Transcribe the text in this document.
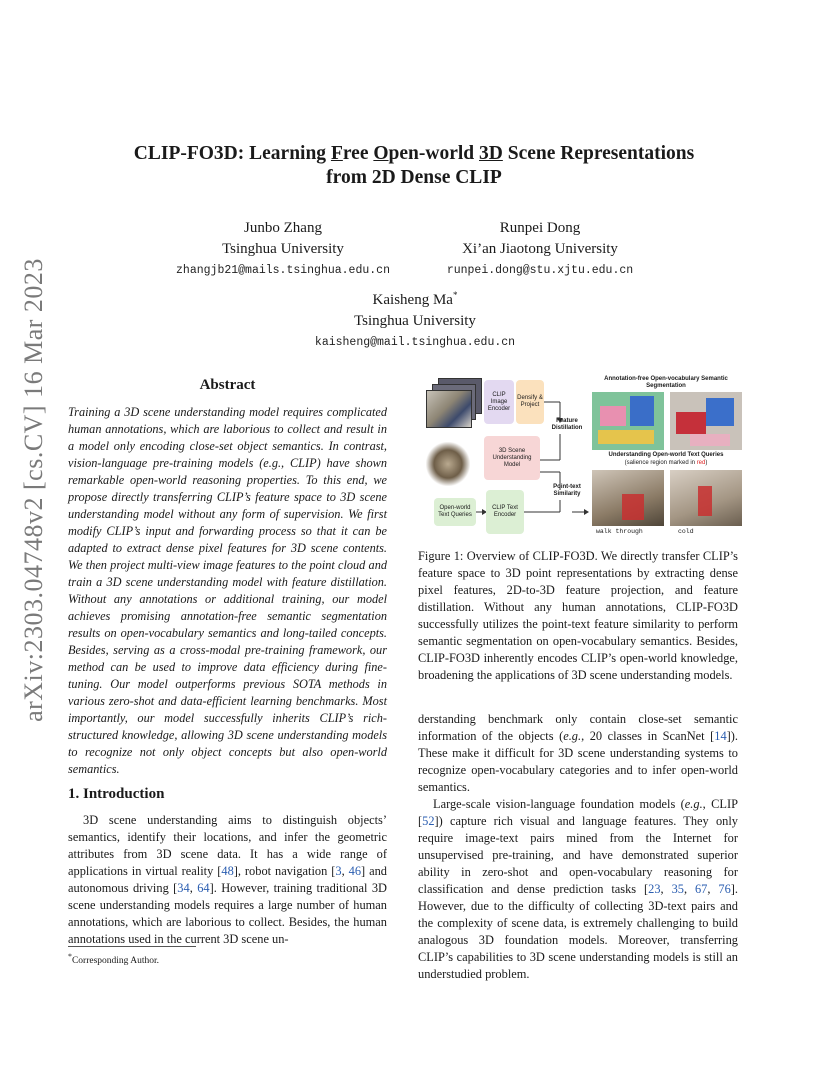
arXiv:2303.04748v2 [cs.CV] 16 Mar 2023
CLIP-FO3D: Learning Free Open-world 3D Scene Representations
from 2D Dense CLIP
Junbo Zhang
Tsinghua University
zhangjb21@mails.tsinghua.edu.cn
Runpei Dong
Xi’an Jiaotong University
runpei.dong@stu.xjtu.edu.cn
Kaisheng Ma*
Tsinghua University
kaisheng@mail.tsinghua.edu.cn
Abstract
Training a 3D scene understanding model requires complicated human annotations, which are laborious to collect and result in a model only encoding close-set object semantics. In contrast, vision-language pre-training models (e.g., CLIP) have shown remarkable open-world reasoning properties. To this end, we propose directly transferring CLIP’s feature space to 3D scene understanding model without any form of supervision. We first modify CLIP’s input and forwarding process so that it can be adapted to extract dense pixel features for 3D scene contents. We then project multi-view image features to the point cloud and train a 3D scene understanding model with feature distillation. Without any annotations or additional training, our model achieves promising annotation-free semantic segmentation results on open-vocabulary semantics and long-tailed concepts. Besides, serving as a cross-modal pre-training framework, our method can be used to improve data efficiency during fine-tuning. Our model outperforms previous SOTA methods in various zero-shot and data-efficient learning benchmarks. Most importantly, our model successfully inherits CLIP’s rich-structured knowledge, allowing 3D scene understanding models to recognize not only object concepts but also open-world semantics.
1. Introduction

3D scene understanding aims to distinguish objects’ semantics, identify their locations, and infer the geometric attributes from 3D scene data. It has a wide range of applications in virtual reality [48], robot navigation [3, 46] and autonomous driving [34, 64]. However, training traditional 3D scene understanding models requires a large number of human annotations, which are laborious to collect. Besides, the human annotations used in the current 3D scene un-

*Corresponding Author.
CLIP Image Encoder
Densify & Project
3D Scene Understanding Model
Feature Distillation
Point-text Similarity
Open-world Text Queries
CLIP Text Encoder
Annotation-free Open-vocabulary Semantic Segmentation
Understanding Open-world Text Queries
(salience region marked in red)
walk through	cold
Figure 1: Overview of CLIP-FO3D. We directly transfer CLIP’s feature space to 3D point representations by extracting dense pixel features, 2D-to-3D feature projection, and feature distillation. Without any human annotations, CLIP-FO3D successfully utilizes the point-text feature similarity to perform semantic segmentation on open-vocabulary semantics. Besides, CLIP-FO3D inherently encodes CLIP’s open-world knowledge, broadening the applications of 3D scene understanding models.

derstanding benchmark only contain close-set semantic information of the objects (e.g., 20 classes in ScanNet [14]). These make it difficult for 3D scene understanding systems to recognize open-vocabulary categories and to infer open-world semantics.

Large-scale vision-language foundation models (e.g., CLIP [52]) capture rich visual and language features. They only require image-text pairs mined from the Internet for unsupervised pre-training, and have demonstrated superior ability in zero-shot and open-vocabulary reasoning for classification and dense prediction tasks [23, 35, 67, 76]. However, due to the difficulty of collecting 3D-text pairs and the complexity of scene data, is extremely challenging to build analogous 3D foundation models. Moreover, transferring CLIP’s capabilities to 3D scene understanding models is still an understudied problem.
